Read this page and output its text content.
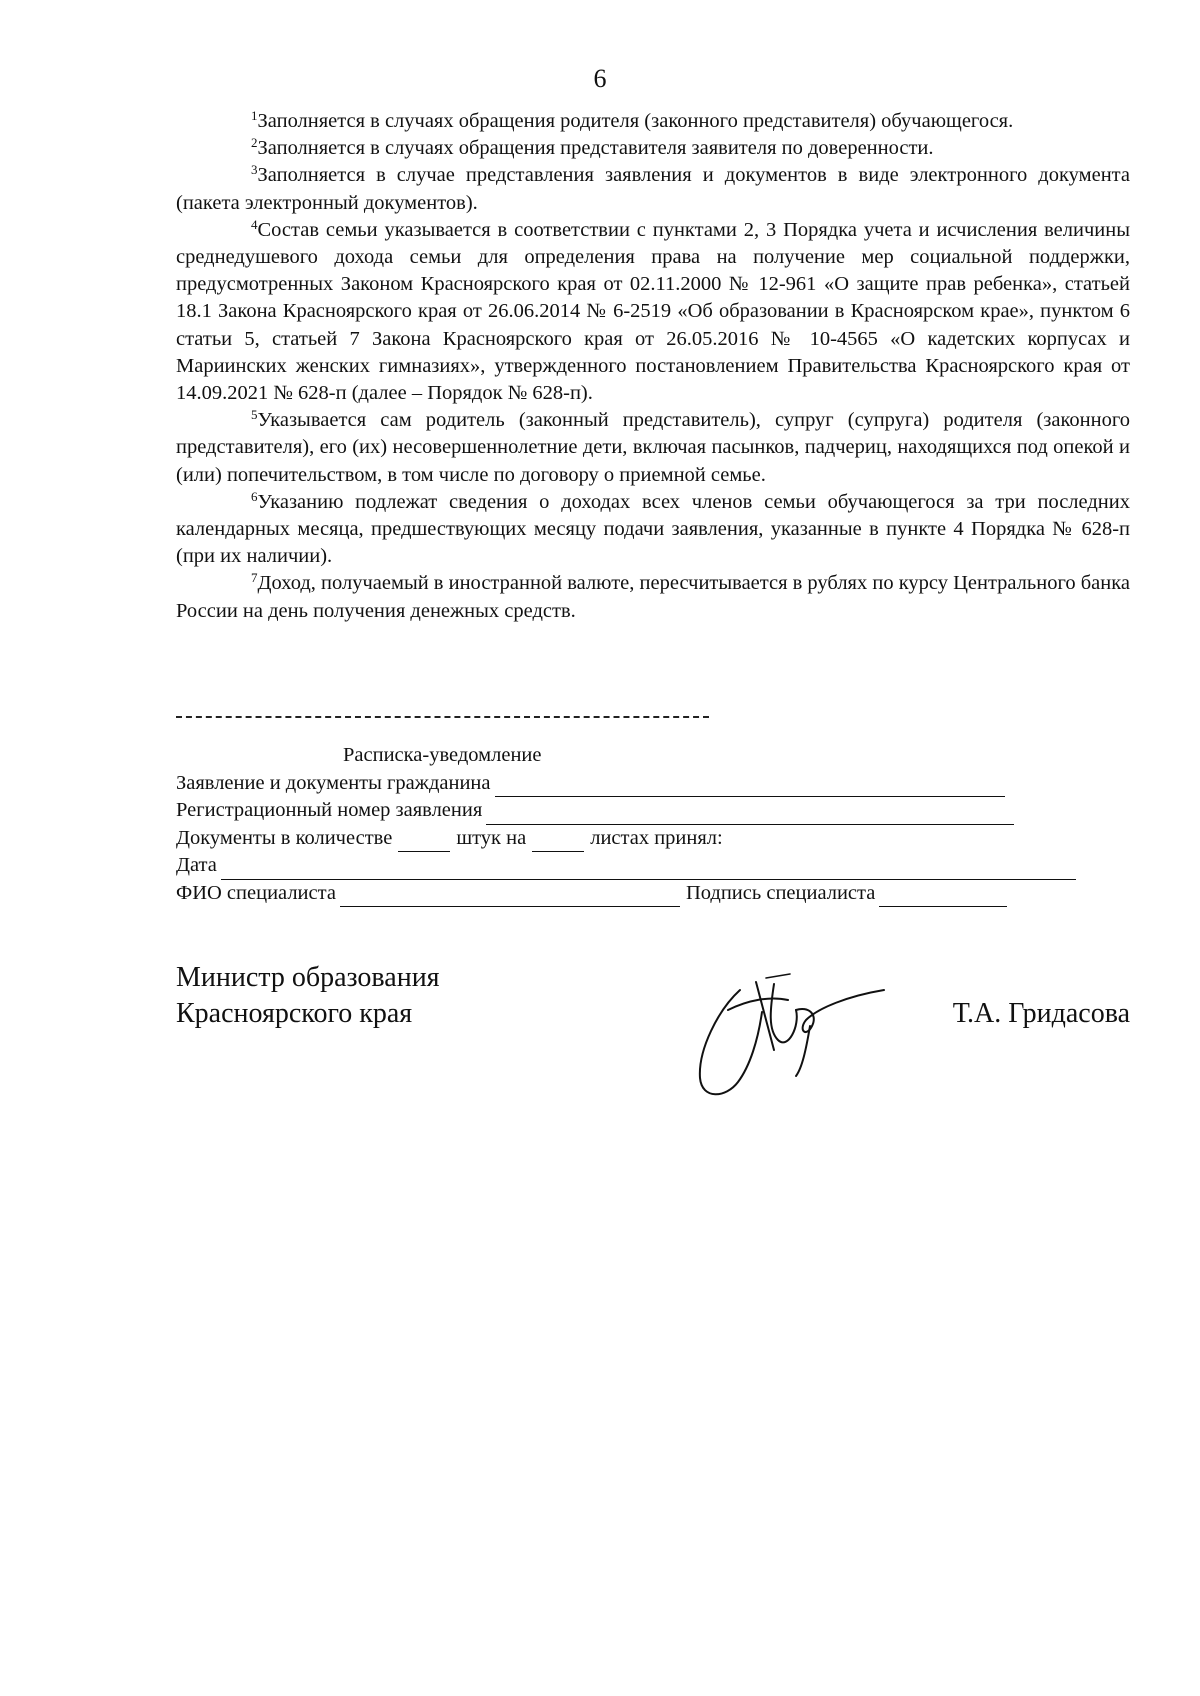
6

$^1$Заполняется в случаях обращения родителя (законного представителя) обучающегося.

$^2$Заполняется в случаях обращения представителя заявителя по доверенности.

$^3$Заполняется в случае представления заявления и документов в виде электронного документа (пакета электронный документов).

$^4$Состав семьи указывается в соответствии с пунктами 2, 3 Порядка учета и исчисления величины среднедушевого дохода семьи для определения права на получение мер социальной поддержки, предусмотренных Законом Красноярского края от 02.11.2000 № 12-961 «О защите прав ребенка», статьей 18.1 Закона Красноярского края от 26.06.2014 № 6-2519 «Об образовании в Красноярском крае», пунктом 6 статьи 5, статьей 7 Закона Красноярского края от 26.05.2016 № 10-4565 «О кадетских корпусах и Мариинских женских гимназиях», утвержденного постановлением Правительства Красноярского края от 14.09.2021 № 628-п (далее – Порядок № 628-п).

$^5$Указывается сам родитель (законный представитель), супруг (супруга) родителя (законного представителя), его (их) несовершеннолетние дети, включая пасынков, падчериц, находящихся под опекой и (или) попечительством, в том числе по договору о приемной семье.

$^6$Указанию подлежат сведения о доходах всех членов семьи обучающегося за три последних календарных месяца, предшествующих месяцу подачи заявления, указанные в пункте 4 Порядка № 628-п (при их наличии).

$^7$Доход, получаемый в иностранной валюте, пересчитывается в рублях по курсу Центрального банка России на день получения денежных средств.

Расписка-уведомление
Заявление и документы гражданина
Регистрационный номер заявления
Документы в количестве	штук на	листах принял:
Дата
ФИО специалиста	Подпись специалиста
Министр образования
Красноярского края	Т.А. Гридасова
